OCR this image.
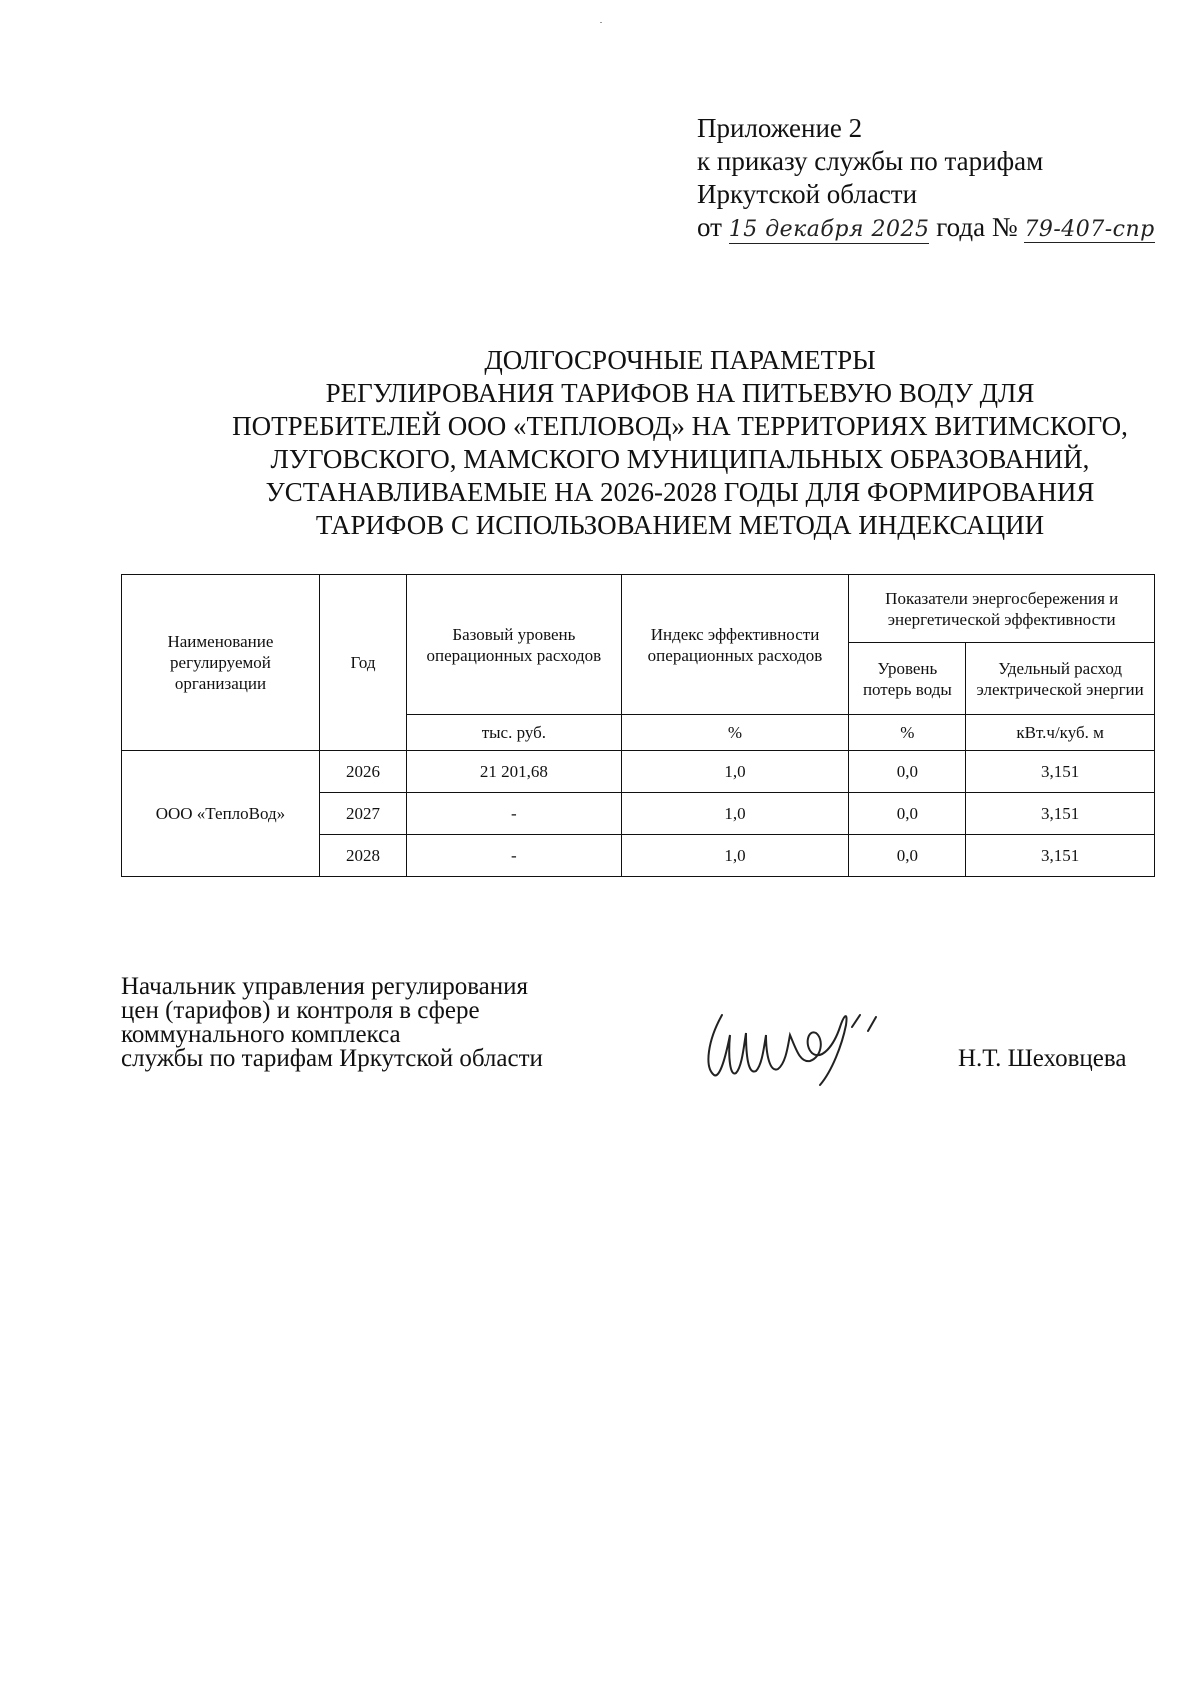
Приложение 2
к приказу службы по тарифам
Иркутской области
от 15 декабря 2025 года № 79-407-спр
ДОЛГОСРОЧНЫЕ ПАРАМЕТРЫ
РЕГУЛИРОВАНИЯ ТАРИФОВ НА ПИТЬЕВУЮ ВОДУ ДЛЯ
ПОТРЕБИТЕЛЕЙ ООО «ТЕПЛОВОД» НА ТЕРРИТОРИЯХ ВИТИМСКОГО,
ЛУГОВСКОГО, МАМСКОГО МУНИЦИПАЛЬНЫХ ОБРАЗОВАНИЙ,
УСТАНАВЛИВАЕМЫЕ НА 2026-2028 ГОДЫ ДЛЯ ФОРМИРОВАНИЯ
ТАРИФОВ С ИСПОЛЬЗОВАНИЕМ МЕТОДА ИНДЕКСАЦИИ
Наименование регулируемой организации	Год	Базовый уровень операционных расходов	Индекс эффективности операционных расходов	Показатели энергосбережения и энергетической эффективности	
				Уровень потерь воды	Удельный расход электрической энергии
		тыс. руб.	%	%	кВт.ч/куб. м
ООО «ТеплоВод»	2026	21 201,68	1,0	0,0	3,151
	2027	-	1,0	0,0	3,151
	2028	-	1,0	0,0	3,151
Начальник управления регулирования
цен (тарифов) и контроля в сфере
коммунального комплекса
службы по тарифам Иркутской области	Н.Т. Шеховцева
